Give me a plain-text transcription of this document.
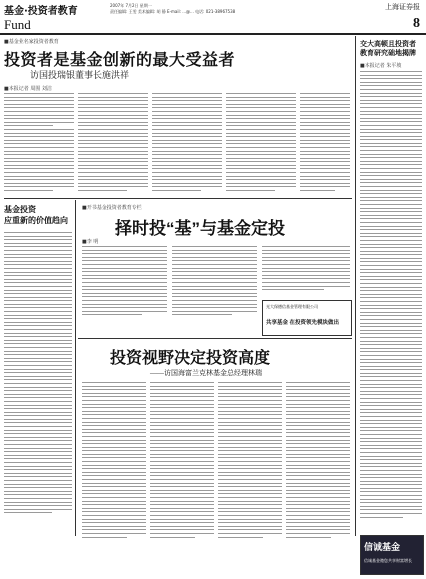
基金·投资者教育
Fund
2007年 7月2日 星期一
责任编辑: 王雯 美术编辑: 胡 静 E-mail: ...@... 电话: 021-38967538
上海证券报
8
■基金业名家投资者教育
投资者是基金创新的最大受益者
访国投瑞银董事长施洪祥
■本报记者 周围 刘洁
基金投资
应重新的价值趋向
■开书基金投资者教育专栏
择时投“基”与基金定投
■李 明
光大保德信基金管理有限公司
共享基金 在投资领先模块做出
投资视野决定投资高度
——访国海富兰克林基金总经理林瑞
交大高顿且投资者教育研究础地揭牌
■本报记者 朱平坡
信诚基金
信诚基金邀您共享财富增长
